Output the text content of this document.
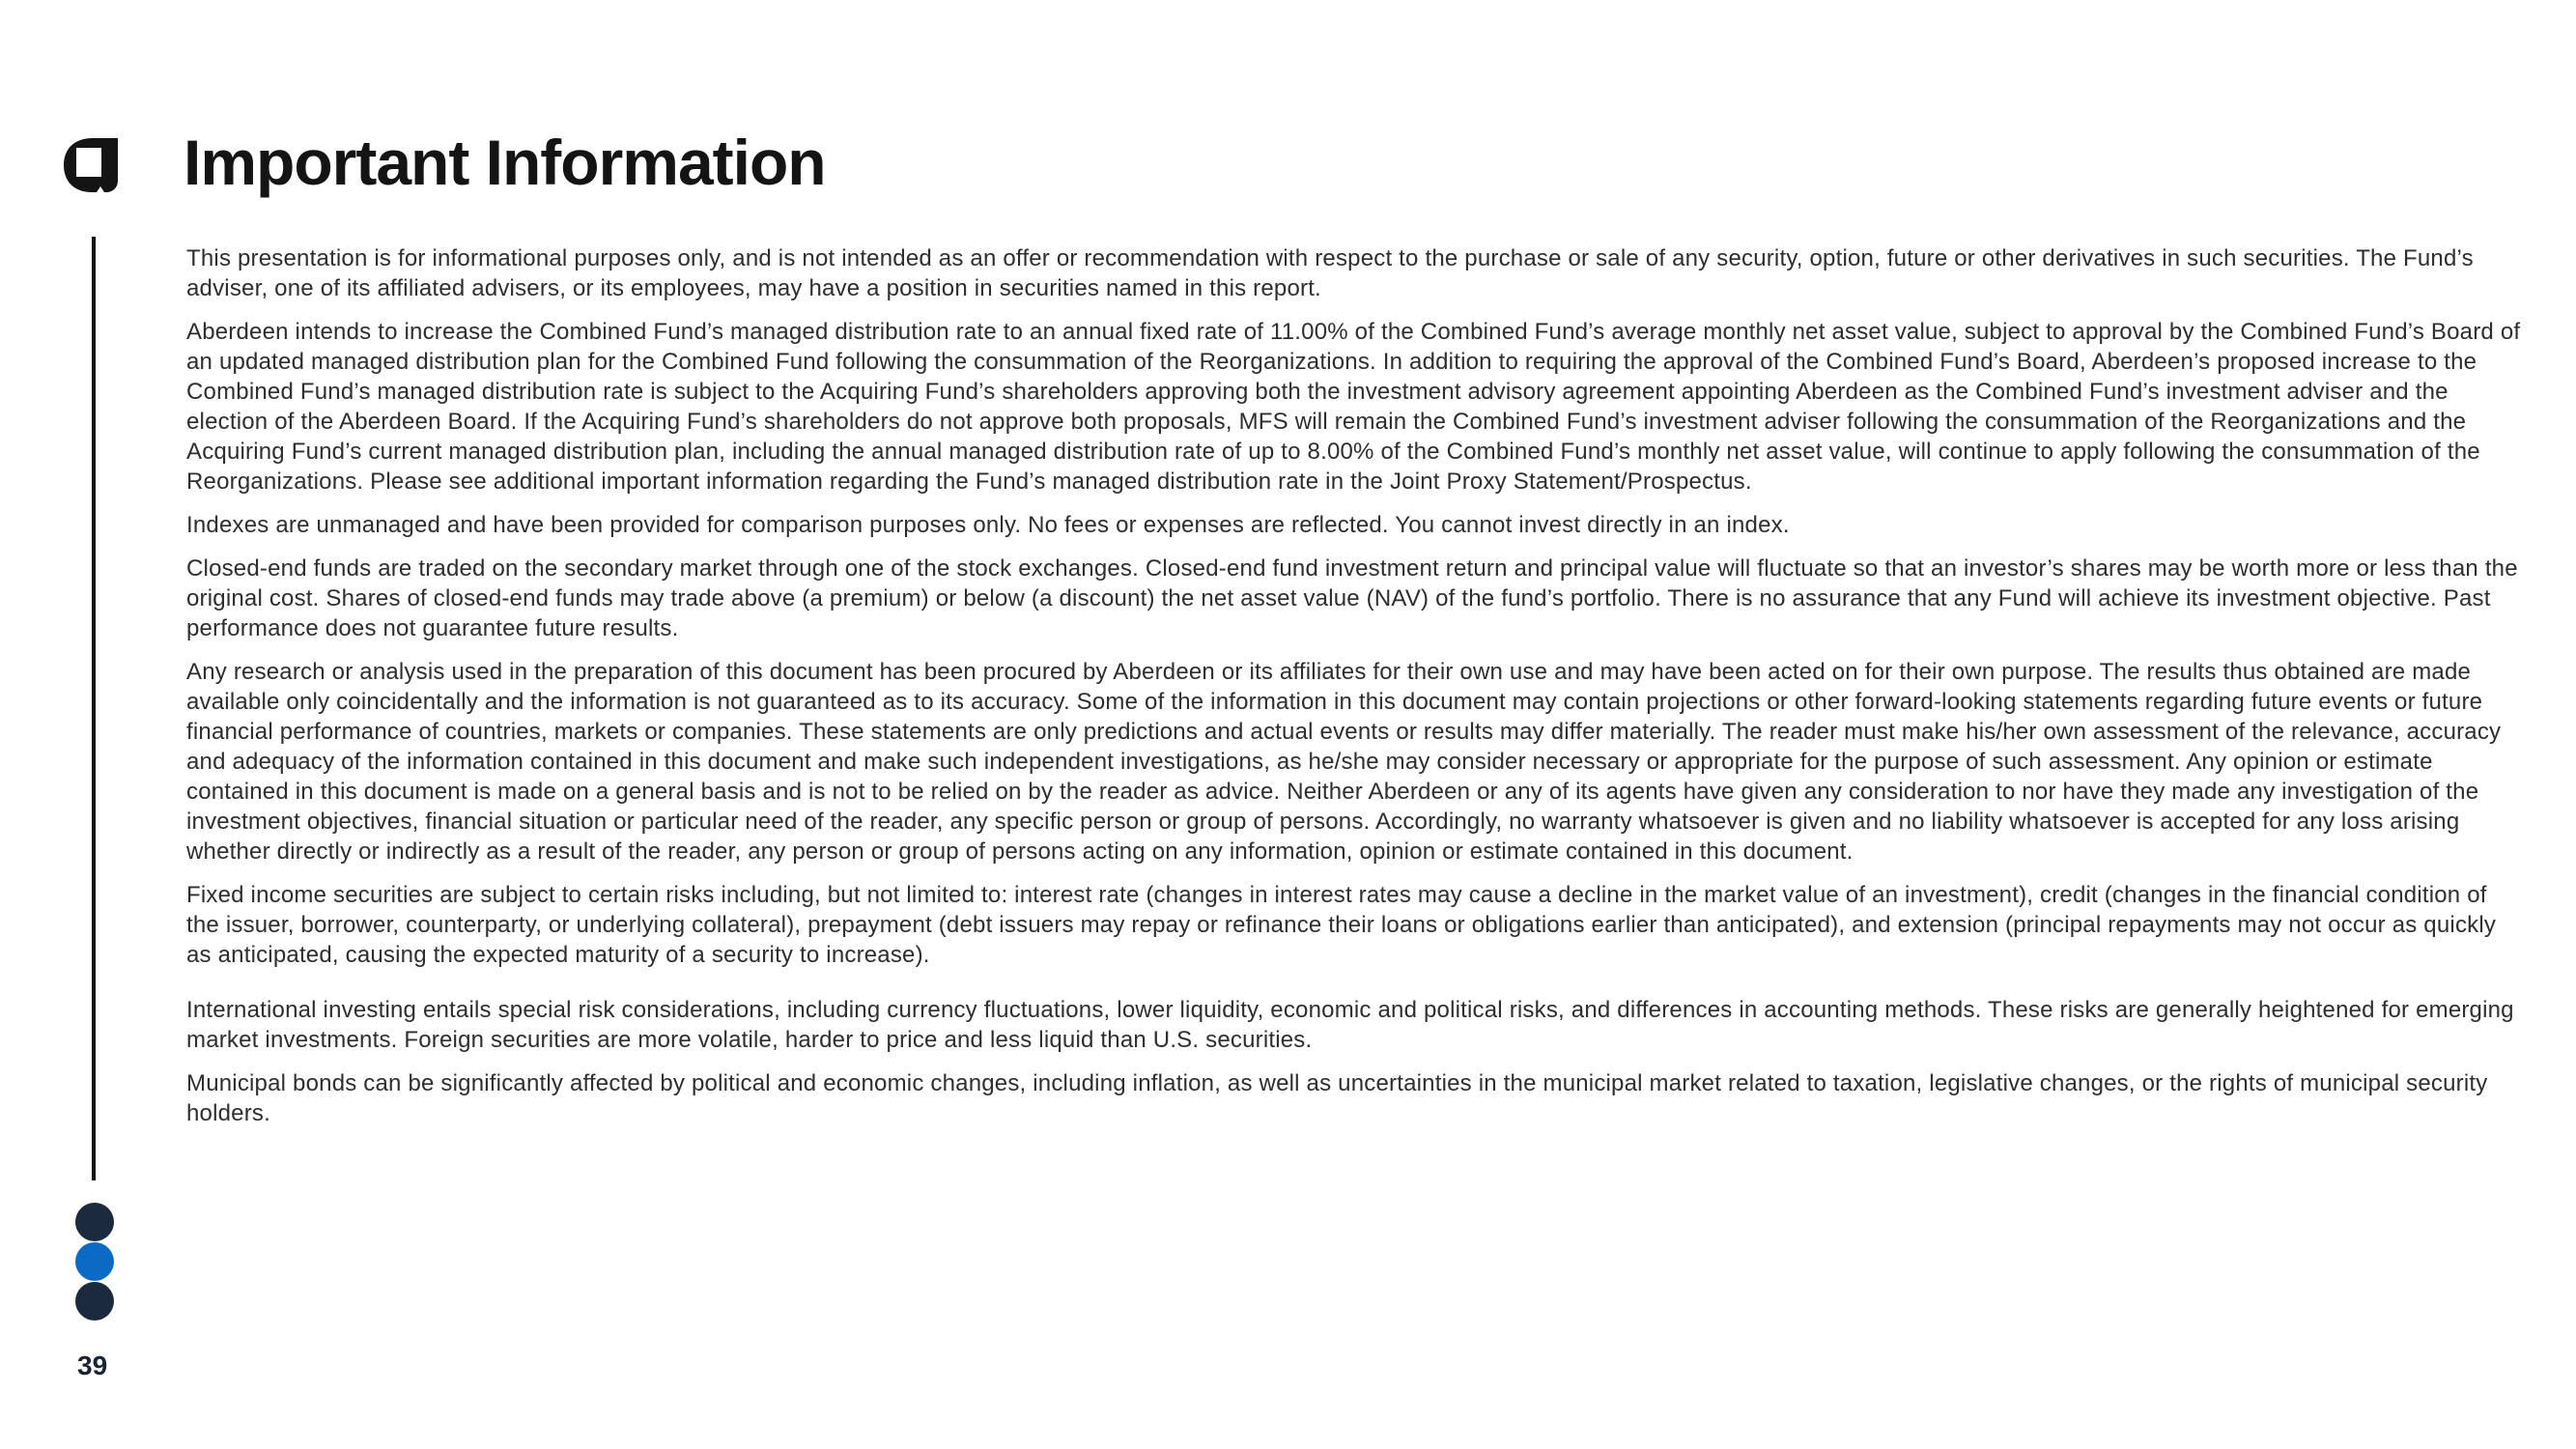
Important Information

This presentation is for informational purposes only, and is not intended as an offer or recommendation with respect to the purchase or sale of any security, option, future or other derivatives in such securities. The Fund’s adviser, one of its affiliated advisers, or its employees, may have a position in securities named in this report.

Aberdeen intends to increase the Combined Fund’s managed distribution rate to an annual fixed rate of 11.00% of the Combined Fund’s average monthly net asset value, subject to approval by the Combined Fund’s Board of an updated managed distribution plan for the Combined Fund following the consummation of the Reorganizations. In addition to requiring the approval of the Combined Fund’s Board, Aberdeen’s proposed increase to the Combined Fund’s managed distribution rate is subject to the Acquiring Fund’s shareholders approving both the investment advisory agreement appointing Aberdeen as the Combined Fund’s investment adviser and the election of the Aberdeen Board. If the Acquiring Fund’s shareholders do not approve both proposals, MFS will remain the Combined Fund’s investment adviser following the consummation of the Reorganizations and the Acquiring Fund’s current managed distribution plan, including the annual managed distribution rate of up to 8.00% of the Combined Fund’s monthly net asset value, will continue to apply following the consummation of the Reorganizations. Please see additional important information regarding the Fund’s managed distribution rate in the Joint Proxy Statement/Prospectus.

Indexes are unmanaged and have been provided for comparison purposes only. No fees or expenses are reflected. You cannot invest directly in an index.

Closed-end funds are traded on the secondary market through one of the stock exchanges. Closed-end fund investment return and principal value will fluctuate so that an investor’s shares may be worth more or less than the original cost. Shares of closed-end funds may trade above (a premium) or below (a discount) the net asset value (NAV) of the fund’s portfolio. There is no assurance that any Fund will achieve its investment objective. Past performance does not guarantee future results.

Any research or analysis used in the preparation of this document has been procured by Aberdeen or its affiliates for their own use and may have been acted on for their own purpose. The results thus obtained are made available only coincidentally and the information is not guaranteed as to its accuracy. Some of the information in this document may contain projections or other forward-looking statements regarding future events or future financial performance of countries, markets or companies. These statements are only predictions and actual events or results may differ materially. The reader must make his/her own assessment of the relevance, accuracy and adequacy of the information contained in this document and make such independent investigations, as he/she may consider necessary or appropriate for the purpose of such assessment. Any opinion or estimate contained in this document is made on a general basis and is not to be relied on by the reader as advice. Neither Aberdeen or any of its agents have given any consideration to nor have they made any investigation of the investment objectives, financial situation or particular need of the reader, any specific person or group of persons. Accordingly, no warranty whatsoever is given and no liability whatsoever is accepted for any loss arising whether directly or indirectly as a result of the reader, any person or group of persons acting on any information, opinion or estimate contained in this document.

Fixed income securities are subject to certain risks including, but not limited to: interest rate (changes in interest rates may cause a decline in the market value of an investment), credit (changes in the financial condition of the issuer, borrower, counterparty, or underlying collateral), prepayment (debt issuers may repay or refinance their loans or obligations earlier than anticipated), and extension (principal repayments may not occur as quickly as anticipated, causing the expected maturity of a security to increase).

International investing entails special risk considerations, including currency fluctuations, lower liquidity, economic and political risks, and differences in accounting methods. These risks are generally heightened for emerging market investments. Foreign securities are more volatile, harder to price and less liquid than U.S. securities.

Municipal bonds can be significantly affected by political and economic changes, including inflation, as well as uncertainties in the municipal market related to taxation, legislative changes, or the rights of municipal security holders.

39
